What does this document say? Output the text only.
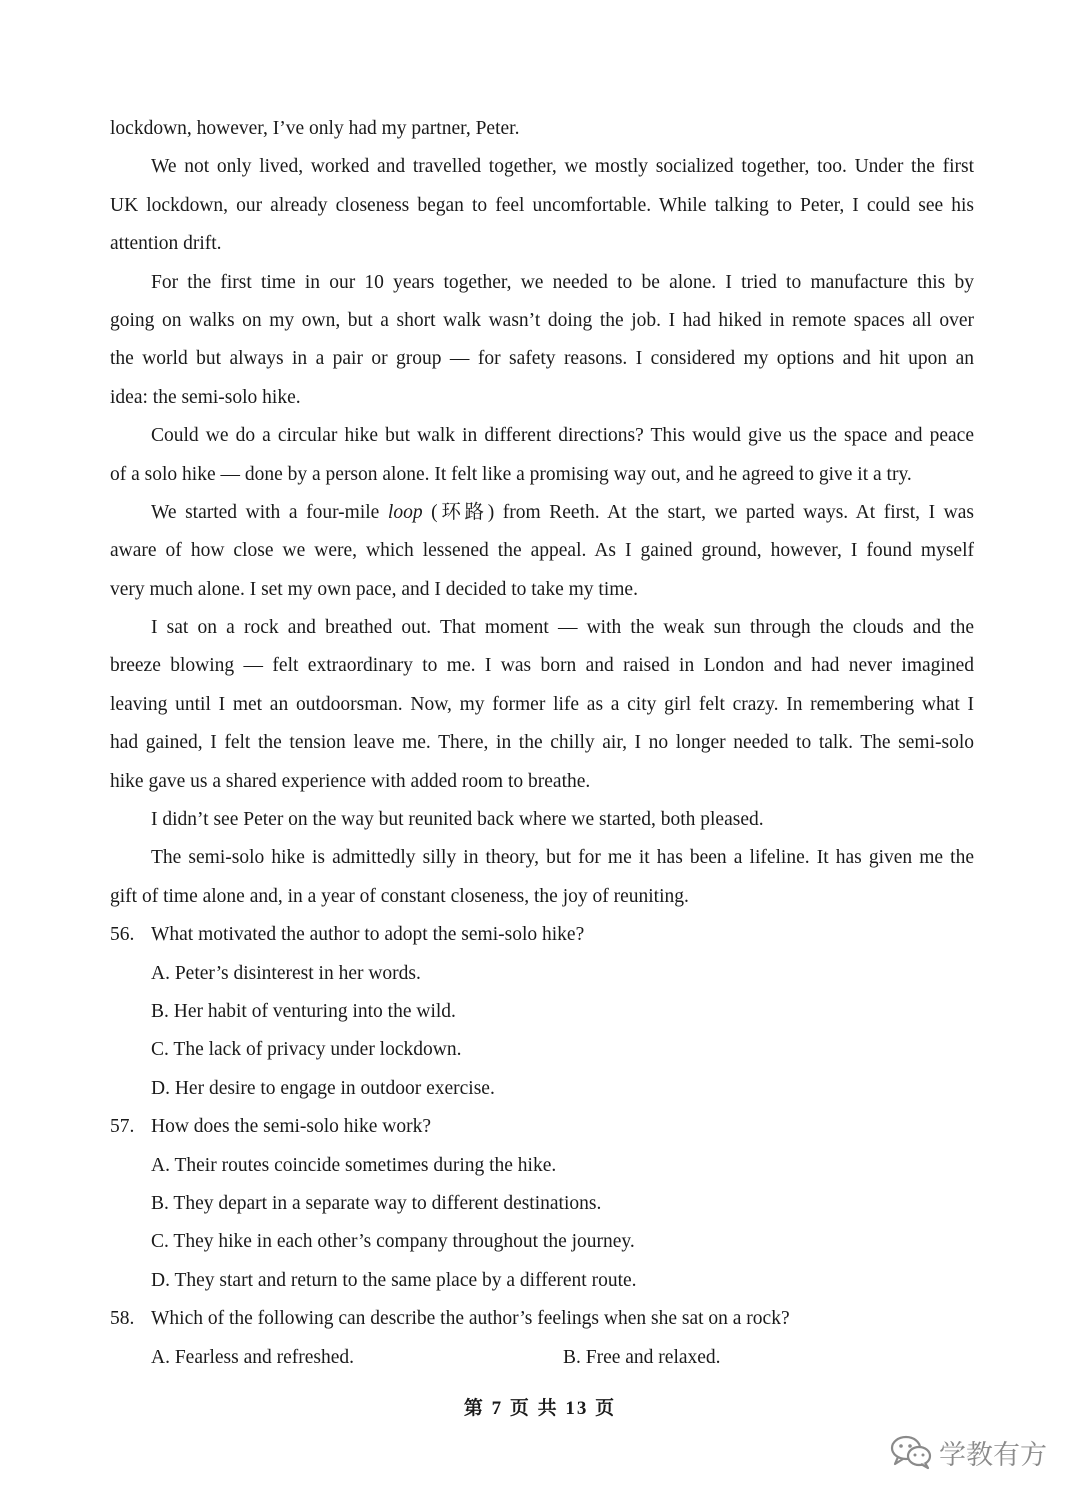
lockdown, however, I’ve only had my partner, Peter.
We not only lived, worked and travelled together, we mostly socialized together, too. Under the first
UK lockdown, our already closeness began to feel uncomfortable. While talking to Peter, I could see his
attention drift.
For the first time in our 10 years together, we needed to be alone. I tried to manufacture this by
going on walks on my own, but a short walk wasn’t doing the job. I had hiked in remote spaces all over
the world but always in a pair or group — for safety reasons. I considered my options and hit upon an
idea: the semi-solo hike.
Could we do a circular hike but walk in different directions? This would give us the space and peace
of a solo hike — done by a person alone. It felt like a promising way out, and he agreed to give it a try.
We started with a four-mile loop (环路) from Reeth. At the start, we parted ways. At first, I was
aware of how close we were, which lessened the appeal. As I gained ground, however, I found myself
very much alone. I set my own pace, and I decided to take my time.
I sat on a rock and breathed out. That moment — with the weak sun through the clouds and the
breeze blowing — felt extraordinary to me. I was born and raised in London and had never imagined
leaving until I met an outdoorsman. Now, my former life as a city girl felt crazy. In remembering what I
had gained, I felt the tension leave me. There, in the chilly air, I no longer needed to talk. The semi-solo
hike gave us a shared experience with added room to breathe.
I didn’t see Peter on the way but reunited back where we started, both pleased.
The semi-solo hike is admittedly silly in theory, but for me it has been a lifeline. It has given me the
gift of time alone and, in a year of constant closeness, the joy of reuniting.
56. What motivated the author to adopt the semi-solo hike?
A. Peter’s disinterest in her words.
B. Her habit of venturing into the wild.
C. The lack of privacy under lockdown.
D. Her desire to engage in outdoor exercise.
57. How does the semi-solo hike work?
A. Their routes coincide sometimes during the hike.
B. They depart in a separate way to different destinations.
C. They hike in each other’s company throughout the journey.
D. They start and return to the same place by a different route.
58. Which of the following can describe the author’s feelings when she sat on a rock?
A. Fearless and refreshed.	B. Free and relaxed.
第 7 页 共 13 页
学教有方
